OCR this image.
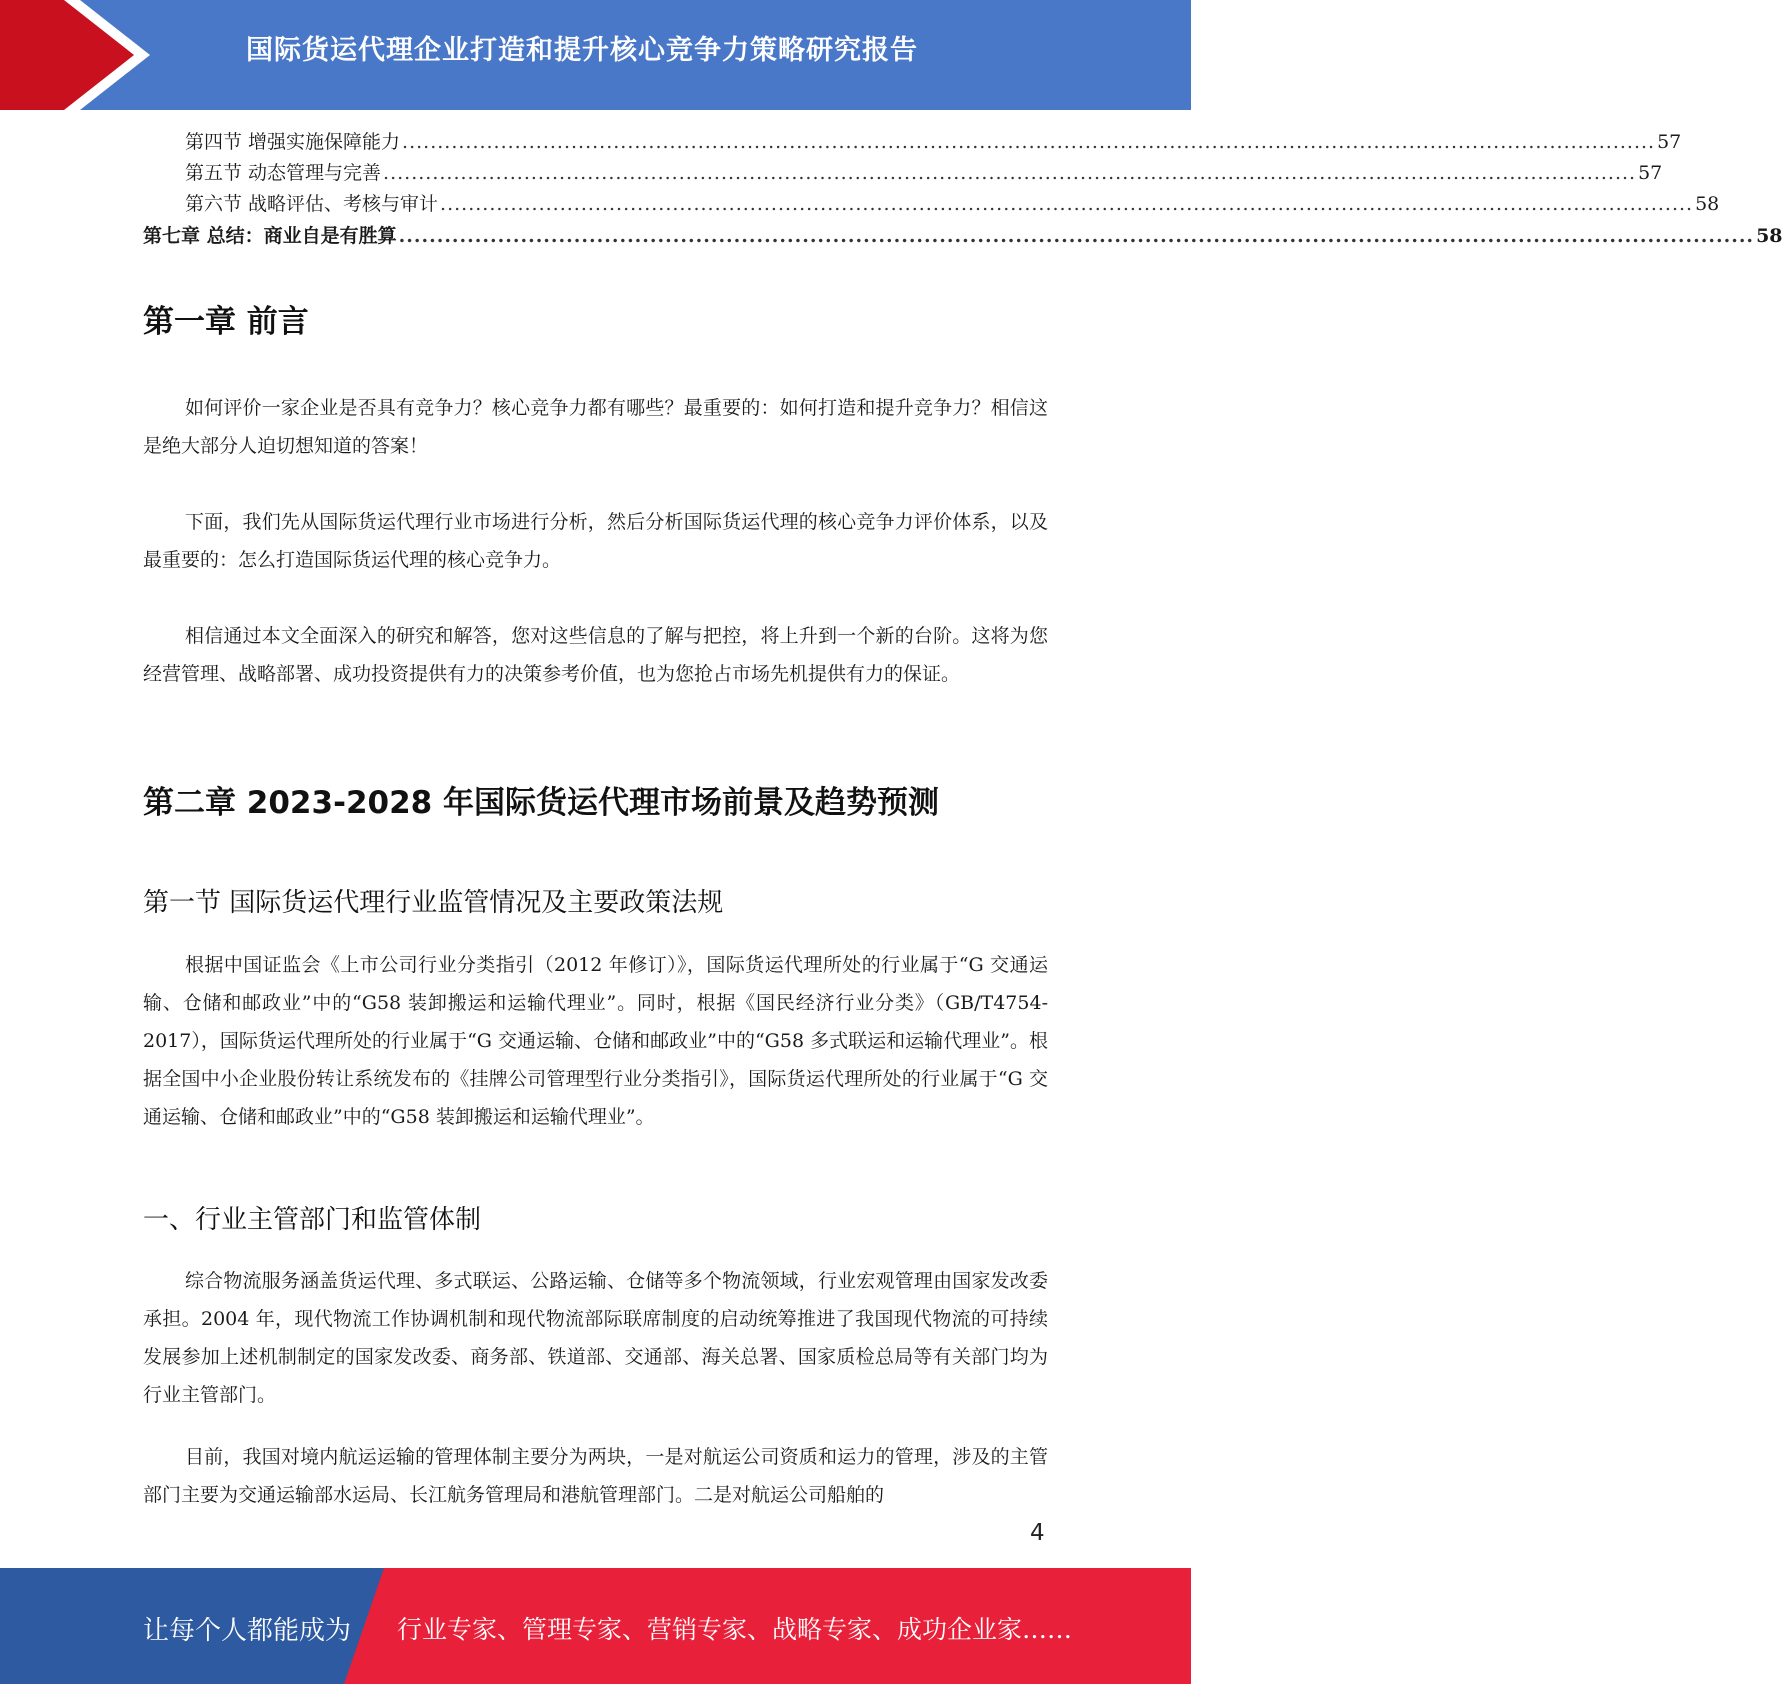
国际货运代理企业打造和提升核心竞争力策略研究报告
第四节 增强实施保障能力 .................................................................................................................................................................................. 57
第五节 动态管理与完善 .................................................................................................................................................................................. 57
第六节 战略评估、考核与审计 .................................................................................................................................................................................. 58
第七章 总结：商业自是有胜算 .................................................................................................................................................................................. 58
第一章 前言

如何评价一家企业是否具有竞争力？核心竞争力都有哪些？最重要的：如何打造和提升竞争力？相信这是绝大部分人迫切想知道的答案！

下面，我们先从国际货运代理行业市场进行分析，然后分析国际货运代理的核心竞争力评价体系，以及最重要的：怎么打造国际货运代理的核心竞争力。

相信通过本文全面深入的研究和解答，您对这些信息的了解与把控，将上升到一个新的台阶。这将为您经营管理、战略部署、成功投资提供有力的决策参考价值，也为您抢占市场先机提供有力的保证。

第二章 2023-2028 年国际货运代理市场前景及趋势预测
第一节 国际货运代理行业监管情况及主要政策法规

根据中国证监会《上市公司行业分类指引（2012 年修订）》，国际货运代理所处的行业属于“G 交通运输、仓储和邮政业”中的“G58 装卸搬运和运输代理业”。同时，根据《国民经济行业分类》（GB/T4754-2017），国际货运代理所处的行业属于“G 交通运输、仓储和邮政业”中的“G58 多式联运和运输代理业”。根据全国中小企业股份转让系统发布的《挂牌公司管理型行业分类指引》，国际货运代理所处的行业属于“G 交通运输、仓储和邮政业”中的“G58 装卸搬运和运输代理业”。

一、行业主管部门和监管体制

综合物流服务涵盖货运代理、多式联运、公路运输、仓储等多个物流领域，行业宏观管理由国家发改委承担。2004 年，现代物流工作协调机制和现代物流部际联席制度的启动统筹推进了我国现代物流的可持续发展参加上述机制制定的国家发改委、商务部、铁道部、交通部、海关总署、国家质检总局等有关部门均为行业主管部门。

目前，我国对境内航运运输的管理体制主要分为两块，一是对航运公司资质和运力的管理，涉及的主管部门主要为交通运输部水运局、长江航务管理局和港航管理部门。二是对航运公司船舶的

4
让每个人都能成为 行业专家、管理专家、营销专家、战略专家、成功企业家……
